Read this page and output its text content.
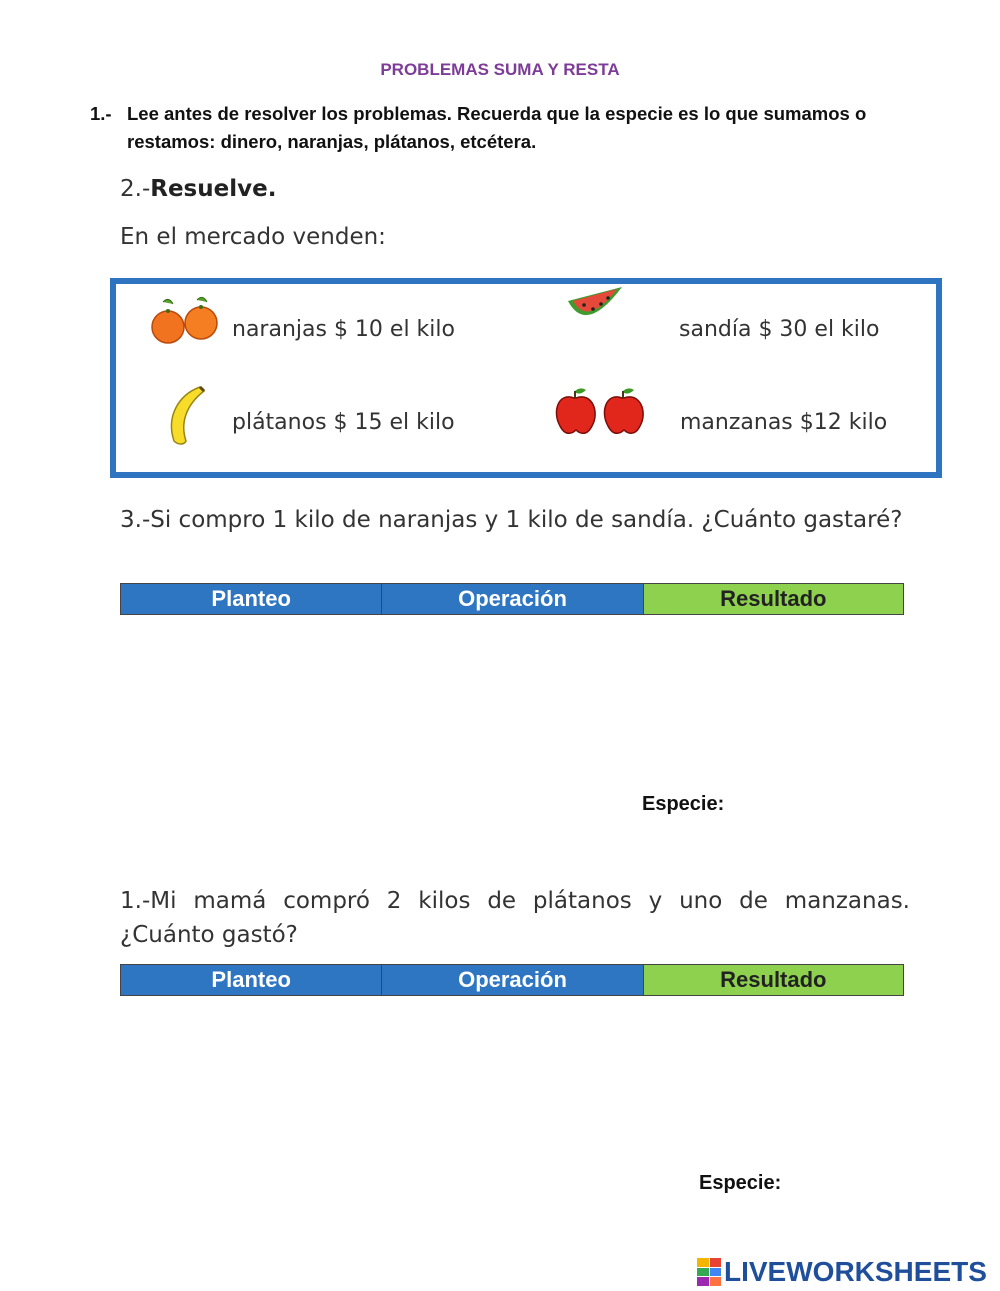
PROBLEMAS SUMA Y RESTA
1.- Lee antes de resolver los problemas. Recuerda que la especie es lo que sumamos o restamos: dinero, naranjas, plátanos, etcétera.
2.-Resuelve.
En el mercado venden:
naranjas $ 10 el kilo	sandía $ 30 el kilo
plátanos $ 15 el kilo	manzanas $12 kilo
3.-Si compro 1 kilo de naranjas y 1 kilo de sandía. ¿Cuánto gastaré?
Planteo	Operación	Resultado
Especie:
1.-Mi mamá compró 2 kilos de plátanos y uno de manzanas. ¿Cuánto gastó?
Planteo	Operación	Resultado
Especie:
LIVEWORKSHEETS
